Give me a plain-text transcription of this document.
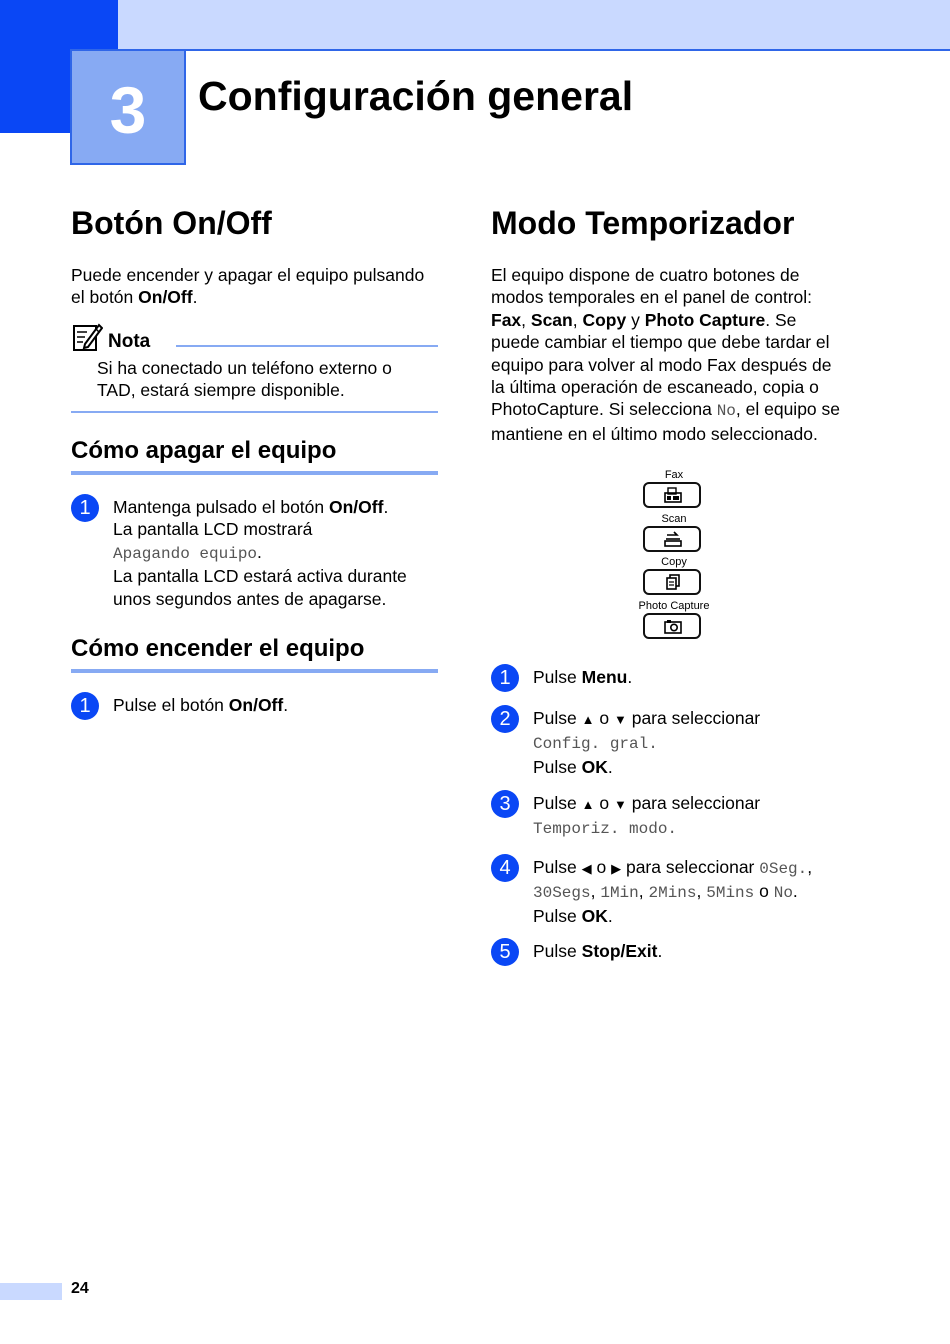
3 Configuración general
Botón On/Off
Puede encender y apagar el equipo pulsando
el botón On/Off.
Nota
Si ha conectado un teléfono externo o
TAD, estará siempre disponible.
Cómo apagar el equipo
1	Mantenga pulsado el botón On/Off.
La pantalla LCD mostrará
Apagando equipo.
La pantalla LCD estará activa durante
unos segundos antes de apagarse.
Cómo encender el equipo
1	Pulse el botón On/Off.
Modo Temporizador
El equipo dispone de cuatro botones de
modos temporales en el panel de control:
Fax, Scan, Copy y Photo Capture. Se
puede cambiar el tiempo que debe tardar el
equipo para volver al modo Fax después de
la última operación de escaneado, copia o
PhotoCapture. Si selecciona No, el equipo se
mantiene en el último modo seleccionado.
Fax
Scan
Copy
Photo Capture
1	Pulse Menu.
2	Pulse ▲ o ▼ para seleccionar
Config. gral.
Pulse OK.
3	Pulse ▲ o ▼ para seleccionar
Temporiz. modo.
4	Pulse ◀ o ▶ para seleccionar 0Seg.,
30Segs, 1Min, 2Mins, 5Mins o No.
Pulse OK.
5	Pulse Stop/Exit.
24
